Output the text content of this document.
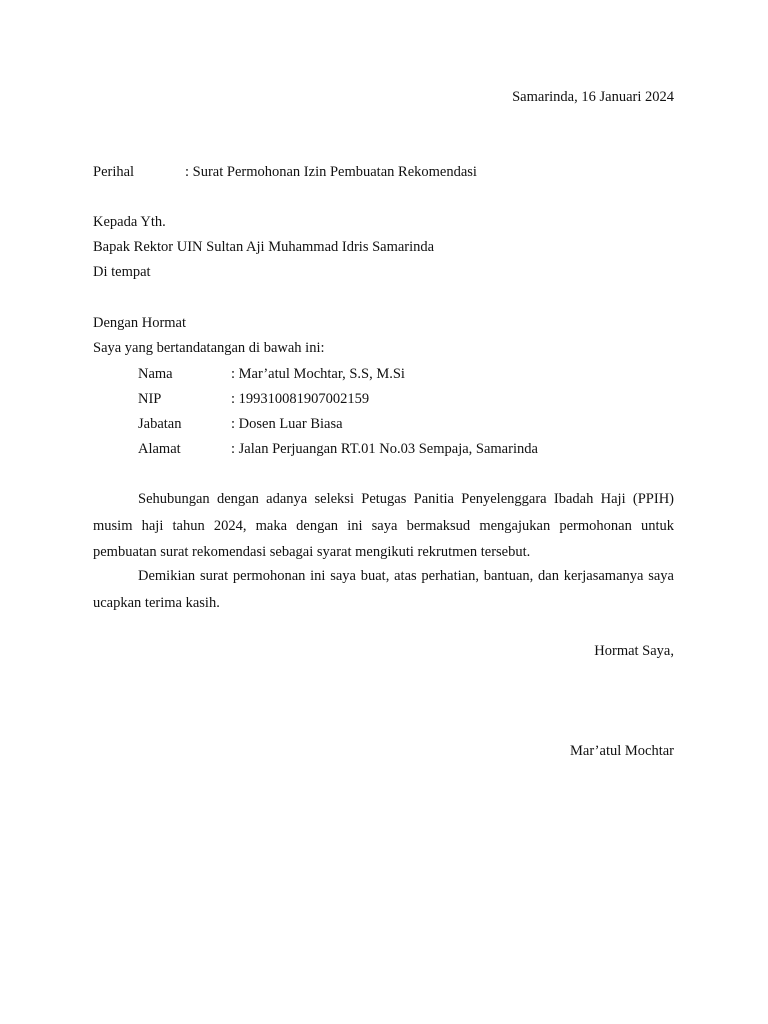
Samarinda, 16 Januari 2024
Perihal	: Surat Permohonan Izin Pembuatan Rekomendasi
Kepada Yth.
Bapak Rektor UIN Sultan Aji Muhammad Idris Samarinda
Di tempat
Dengan Hormat
Saya yang bertandatangan di bawah ini:
Nama	: Mar’atul Mochtar, S.S, M.Si
NIP	: 199310081907002159
Jabatan	: Dosen Luar Biasa
Alamat	: Jalan Perjuangan RT.01 No.03 Sempaja, Samarinda

Sehubungan dengan adanya seleksi Petugas Panitia Penyelenggara Ibadah Haji (PPIH) musim haji tahun 2024, maka dengan ini saya bermaksud mengajukan permohonan untuk pembuatan surat rekomendasi sebagai syarat mengikuti rekrutmen tersebut.

Demikian surat permohonan ini saya buat, atas perhatian, bantuan, dan kerjasamanya saya ucapkan terima kasih.

Hormat Saya,
Mar’atul Mochtar
